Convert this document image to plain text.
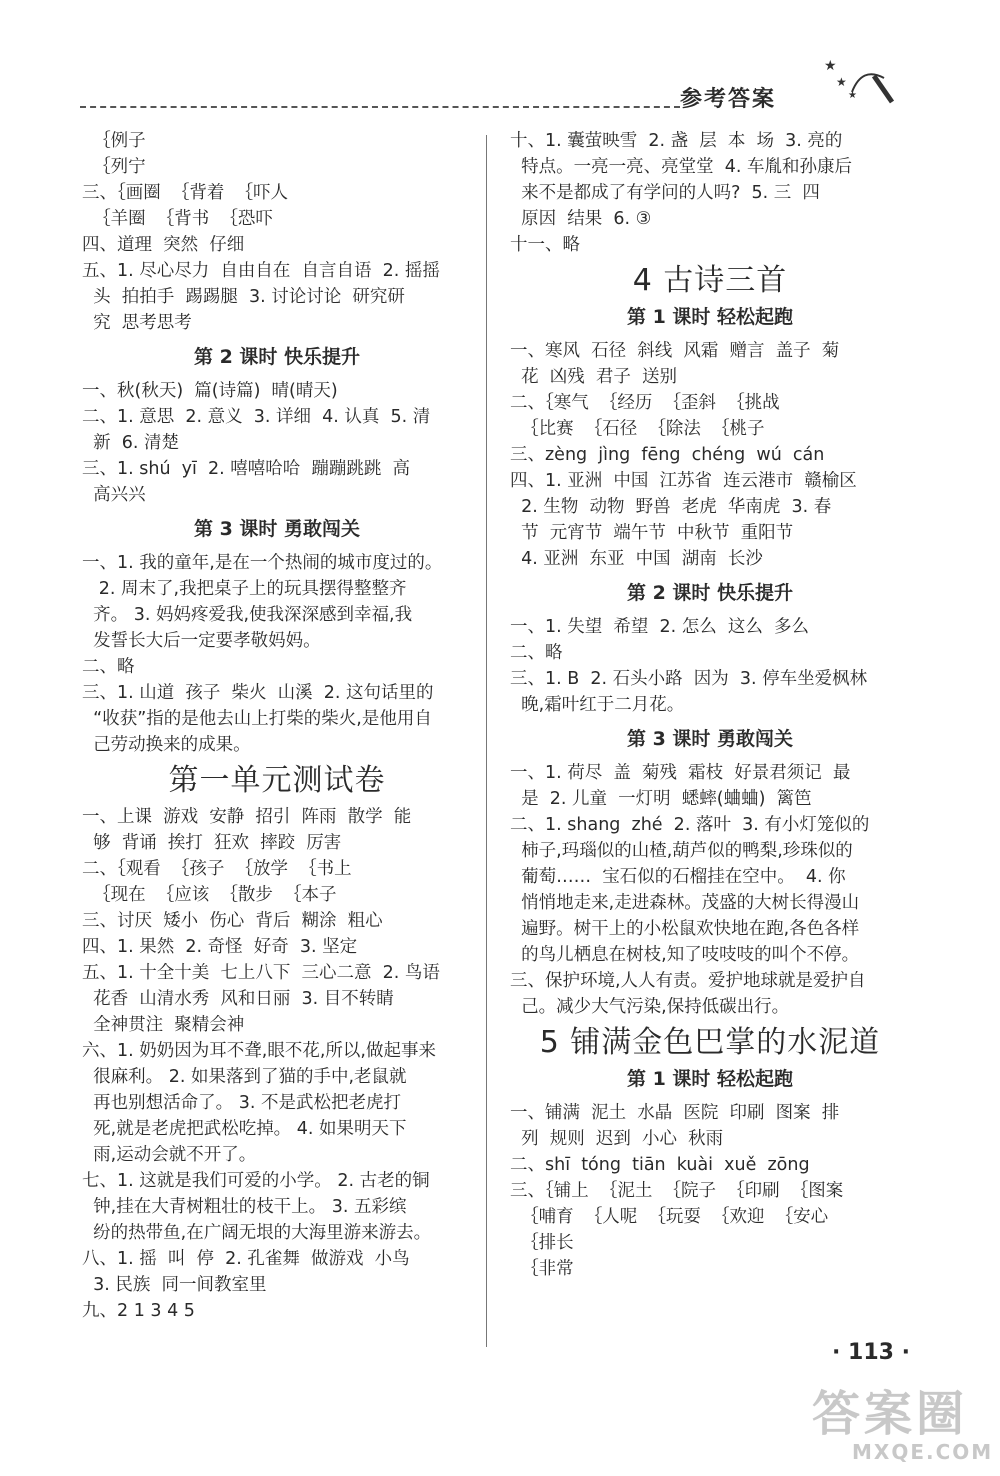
参考答案
★
★
★
｛例子
｛列宁
三、｛画圈  ｛背着  ｛吓人
｛羊圈  ｛背书  ｛恐吓
四、道理  突然  仔细
五、1. 尽心尽力  自由自在  自言自语  2. 摇摇
头  拍拍手  踢踢腿  3. 讨论讨论  研究研
究  思考思考
第 2 课时 快乐提升
一、秋(秋天)  篇(诗篇)  晴(晴天)
二、1. 意思  2. 意义  3. 详细  4. 认真  5. 清
新  6. 清楚
三、1. shú  yī  2. 嘻嘻哈哈  蹦蹦跳跳  高
高兴兴
第 3 课时 勇敢闯关
一、1. 我的童年,是在一个热闹的城市度过的。
2. 周末了,我把桌子上的玩具摆得整整齐
齐。 3. 妈妈疼爱我,使我深深感到幸福,我
发誓长大后一定要孝敬妈妈。
二、略
三、1. 山道  孩子  柴火  山溪  2. 这句话里的
“收获”指的是他去山上打柴的柴火,是他用自
己劳动换来的成果。
第一单元测试卷
一、上课  游戏  安静  招引  阵雨  散学  能
够  背诵  挨打  狂欢  摔跤  厉害
二、｛观看  ｛孩子  ｛放学  ｛书上
｛现在  ｛应该  ｛散步  ｛本子
三、讨厌  矮小  伤心  背后  糊涂  粗心
四、1. 果然  2. 奇怪  好奇  3. 坚定
五、1. 十全十美  七上八下  三心二意  2. 鸟语
花香  山清水秀  风和日丽  3. 目不转睛
全神贯注  聚精会神
六、1. 奶奶因为耳不聋,眼不花,所以,做起事来
很麻利。 2. 如果落到了猫的手中,老鼠就
再也别想活命了。 3. 不是武松把老虎打
死,就是老虎把武松吃掉。 4. 如果明天下
雨,运动会就不开了。
七、1. 这就是我们可爱的小学。 2. 古老的铜
钟,挂在大青树粗壮的枝干上。 3. 五彩缤
纷的热带鱼,在广阔无垠的大海里游来游去。
八、1. 摇  叫  停  2. 孔雀舞  做游戏  小鸟
3. 民族  同一间教室里
九、2 1 3 4 5
十、1. 囊萤映雪  2. 盏  层  本  场  3. 亮的
特点。一亮一亮、亮堂堂  4. 车胤和孙康后
来不是都成了有学问的人吗?  5. 三  四
原因  结果  6. ③
十一、略
4 古诗三首
第 1 课时 轻松起跑
一、寒风  石径  斜线  风霜  赠言  盖子  菊
花  凶残  君子  送别
二、｛寒气  ｛经历  ｛歪斜  ｛挑战
｛比赛  ｛石径  ｛除法  ｛桃子
三、zèng  jìng  fēng  chéng  wú  cán
四、1. 亚洲  中国  江苏省  连云港市  赣榆区
2. 生物  动物  野兽  老虎  华南虎  3. 春
节  元宵节  端午节  中秋节  重阳节
4. 亚洲  东亚  中国  湖南  长沙
第 2 课时 快乐提升
一、1. 失望  希望  2. 怎么  这么  多么
二、略
三、1. B  2. 石头小路  因为  3. 停车坐爱枫林
晚,霜叶红于二月花。
第 3 课时 勇敢闯关
一、1. 荷尽  盖  菊残  霜枝  好景君须记  最
是  2. 儿童  一灯明  蟋蟀(蛐蛐)  篱笆
二、1. shang  zhé  2. 落叶  3. 有小灯笼似的
柿子,玛瑙似的山楂,葫芦似的鸭梨,珍珠似的
葡萄……  宝石似的石榴挂在空中。  4. 你
悄悄地走来,走进森林。茂盛的大树长得漫山
遍野。树干上的小松鼠欢快地在跑,各色各样
的鸟儿栖息在树枝,知了吱吱吱的叫个不停。
三、保护环境,人人有责。爱护地球就是爱护自
己。减少大气污染,保持低碳出行。
5 铺满金色巴掌的水泥道
第 1 课时 轻松起跑
一、铺满  泥土  水晶  医院  印刷  图案  排
列  规则  迟到  小心  秋雨
二、shī  tóng  tiān  kuài  xuě  zōng
三、｛铺上  ｛泥土  ｛院子  ｛印刷  ｛图案
｛哺育  ｛人呢  ｛玩耍  ｛欢迎  ｛安心
｛排长
｛非常
· 113 ·
答案圈
MXQE.COM
